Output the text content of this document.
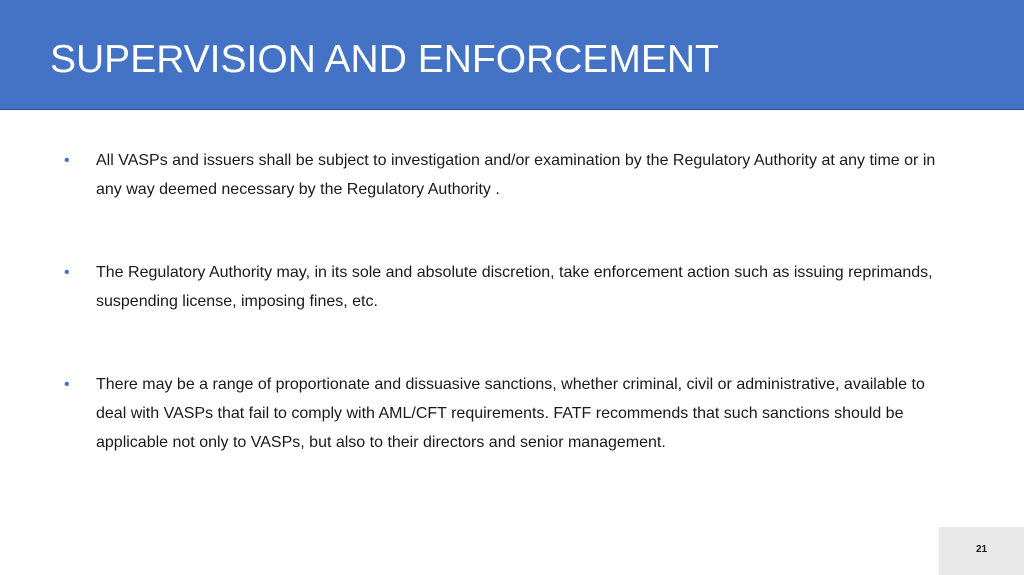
SUPERVISION AND ENFORCEMENT
• All VASPs and issuers shall be subject to investigation and/or examination by the Regulatory Authority at any time or in any way deemed necessary by the Regulatory Authority .
• The Regulatory Authority may, in its sole and absolute discretion, take enforcement action such as issuing reprimands, suspending license, imposing fines, etc.
• There may be a range of proportionate and dissuasive sanctions, whether criminal, civil or administrative, available to deal with VASPs that fail to comply with AML/CFT requirements. FATF recommends that such sanctions should be applicable not only to VASPs, but also to their directors and senior management.
21
